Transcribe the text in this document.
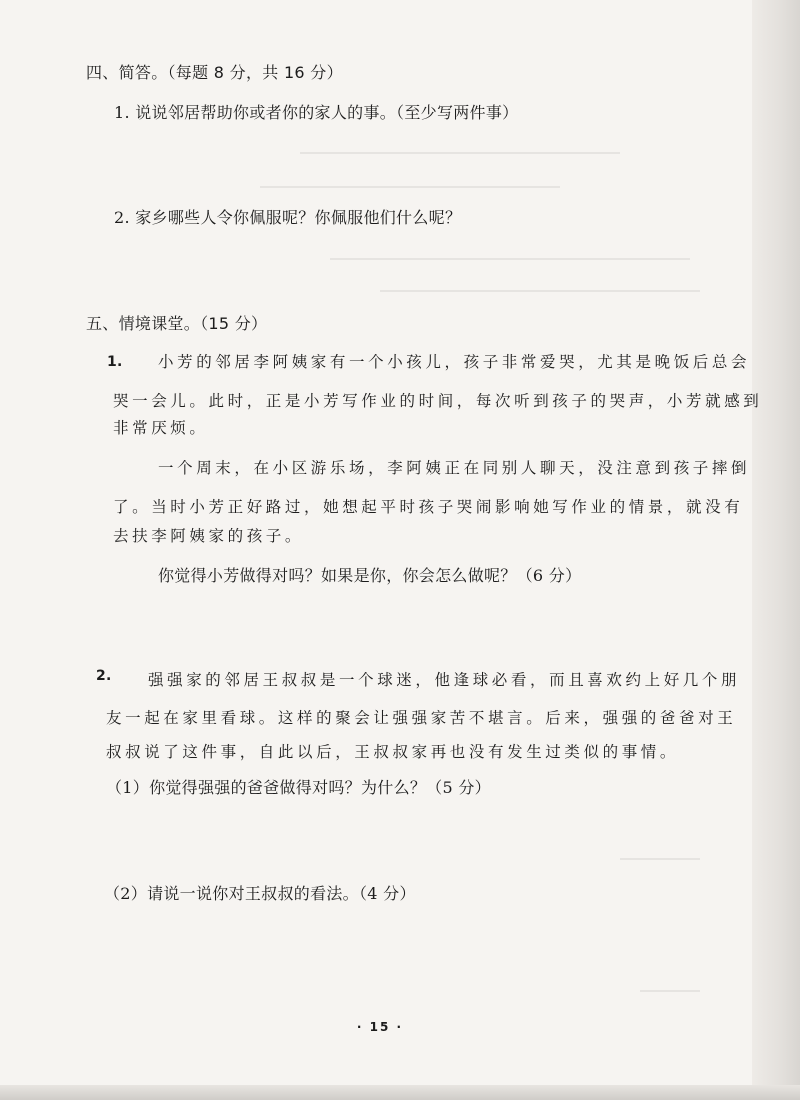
四、简答。（每题 8 分，共 16 分）
1. 说说邻居帮助你或者你的家人的事。（至少写两件事）
2. 家乡哪些人令你佩服呢？你佩服他们什么呢？
五、情境课堂。（15 分）
1. 小芳的邻居李阿姨家有一个小孩儿，孩子非常爱哭，尤其是晚饭后总会
哭一会儿。此时，正是小芳写作业的时间，每次听到孩子的哭声，小芳就感到
非常厌烦。
一个周末，在小区游乐场，李阿姨正在同别人聊天，没注意到孩子摔倒
了。当时小芳正好路过，她想起平时孩子哭闹影响她写作业的情景，就没有
去扶李阿姨家的孩子。
你觉得小芳做得对吗？如果是你，你会怎么做呢？（6 分）
2. 强强家的邻居王叔叔是一个球迷，他逢球必看，而且喜欢约上好几个朋
友一起在家里看球。这样的聚会让强强家苦不堪言。后来，强强的爸爸对王
叔叔说了这件事，自此以后，王叔叔家再也没有发生过类似的事情。
（1）你觉得强强的爸爸做得对吗？为什么？（5 分）
（2）请说一说你对王叔叔的看法。（4 分）
· 15 ·
